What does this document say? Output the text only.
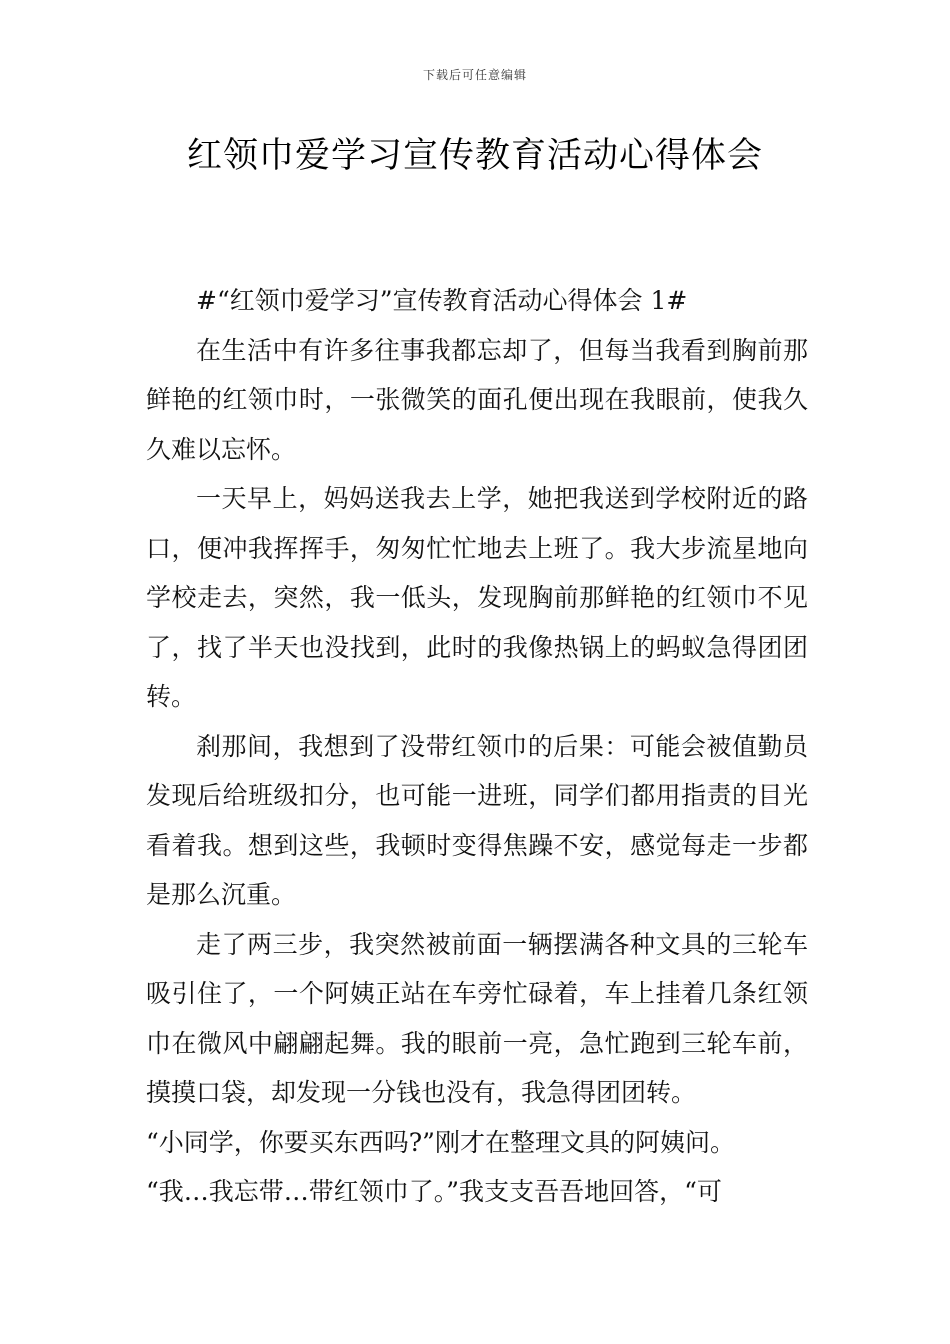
下载后可任意编辑
红领巾爱学习宣传教育活动心得体会

#“红领巾爱学习”宣传教育活动心得体会 1#

在生活中有许多往事我都忘却了，但每当我看到胸前那鲜艳的红领巾时，一张微笑的面孔便出现在我眼前，使我久久难以忘怀。

一天早上，妈妈送我去上学，她把我送到学校附近的路口，便冲我挥挥手，匆匆忙忙地去上班了。我大步流星地向学校走去，突然，我一低头，发现胸前那鲜艳的红领巾不见了，找了半天也没找到，此时的我像热锅上的蚂蚁急得团团转。

刹那间，我想到了没带红领巾的后果：可能会被值勤员发现后给班级扣分，也可能一进班，同学们都用指责的目光看着我。想到这些，我顿时变得焦躁不安，感觉每走一步都是那么沉重。

走了两三步，我突然被前面一辆摆满各种文具的三轮车吸引住了，一个阿姨正站在车旁忙碌着，车上挂着几条红领巾在微风中翩翩起舞。我的眼前一亮，急忙跑到三轮车前，摸摸口袋，却发现一分钱也没有，我急得团团转。

“小同学，你要买东西吗?”刚才在整理文具的阿姨问。

“我…我忘带…带红领巾了。”我支支吾吾地回答，“可
